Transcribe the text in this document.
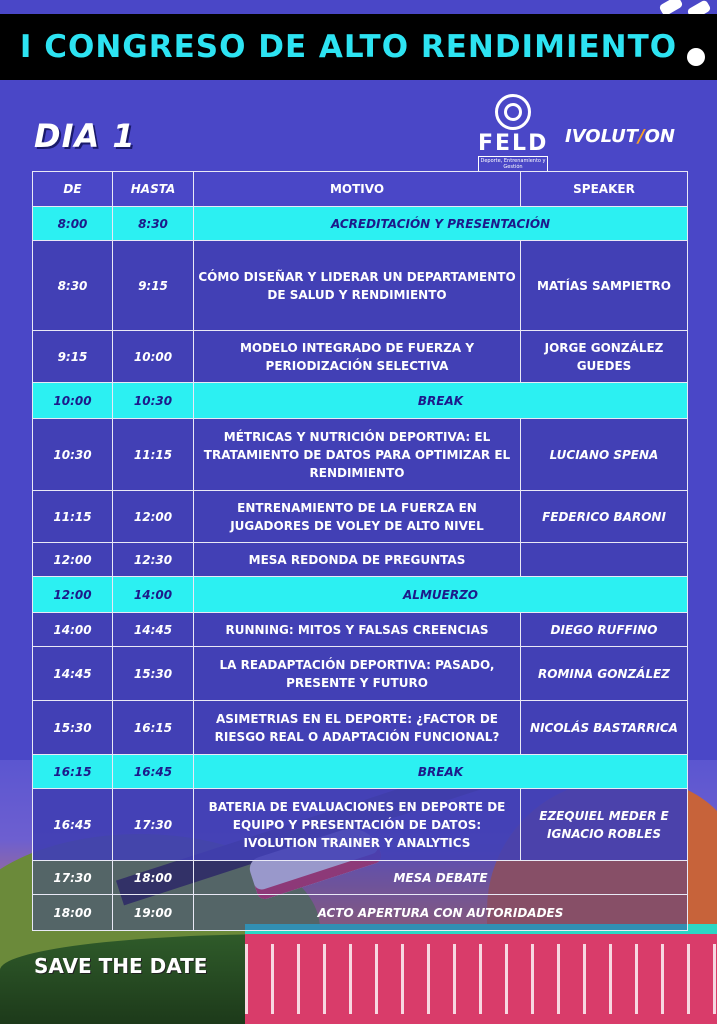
I CONGRESO DE ALTO RENDIMIENTO
DIA 1	FELD
Deporte, Entrenamiento y Gestión
IVOLUT/ON
DE	HASTA	MOTIVO	SPEAKER
8:00	8:30	ACREDITACIÓN Y PRESENTACIÓN	
8:30	9:15	CÓMO DISEÑAR Y LIDERAR UN DEPARTAMENTO DE SALUD Y RENDIMIENTO	MATÍAS SAMPIETRO
9:15	10:00	MODELO INTEGRADO DE FUERZA Y PERIODIZACIÓN SELECTIVA	JORGE GONZÁLEZ GUEDES
10:00	10:30	BREAK	
10:30	11:15	MÉTRICAS Y NUTRICIÓN DEPORTIVA: EL TRATAMIENTO DE DATOS PARA OPTIMIZAR EL RENDIMIENTO	LUCIANO SPENA
11:15	12:00	ENTRENAMIENTO DE LA FUERZA EN JUGADORES DE VOLEY DE ALTO NIVEL	FEDERICO BARONI
12:00	12:30	MESA REDONDA DE PREGUNTAS	
12:00	14:00	ALMUERZO	
14:00	14:45	RUNNING: MITOS Y FALSAS CREENCIAS	DIEGO RUFFINO
14:45	15:30	LA READAPTACIÓN DEPORTIVA: PASADO, PRESENTE Y FUTURO	ROMINA GONZÁLEZ
15:30	16:15	ASIMETRIAS EN EL DEPORTE: ¿FACTOR DE RIESGO REAL O ADAPTACIÓN FUNCIONAL?	NICOLÁS BASTARRICA
16:15	16:45	BREAK	
16:45	17:30	BATERIA DE EVALUACIONES EN DEPORTE DE EQUIPO Y PRESENTACIÓN DE DATOS: IVOLUTION TRAINER Y ANALYTICS	EZEQUIEL MEDER E IGNACIO ROBLES
17:30	18:00	MESA DEBATE	
18:00	19:00	ACTO APERTURA CON AUTORIDADES	
SAVE THE DATE
